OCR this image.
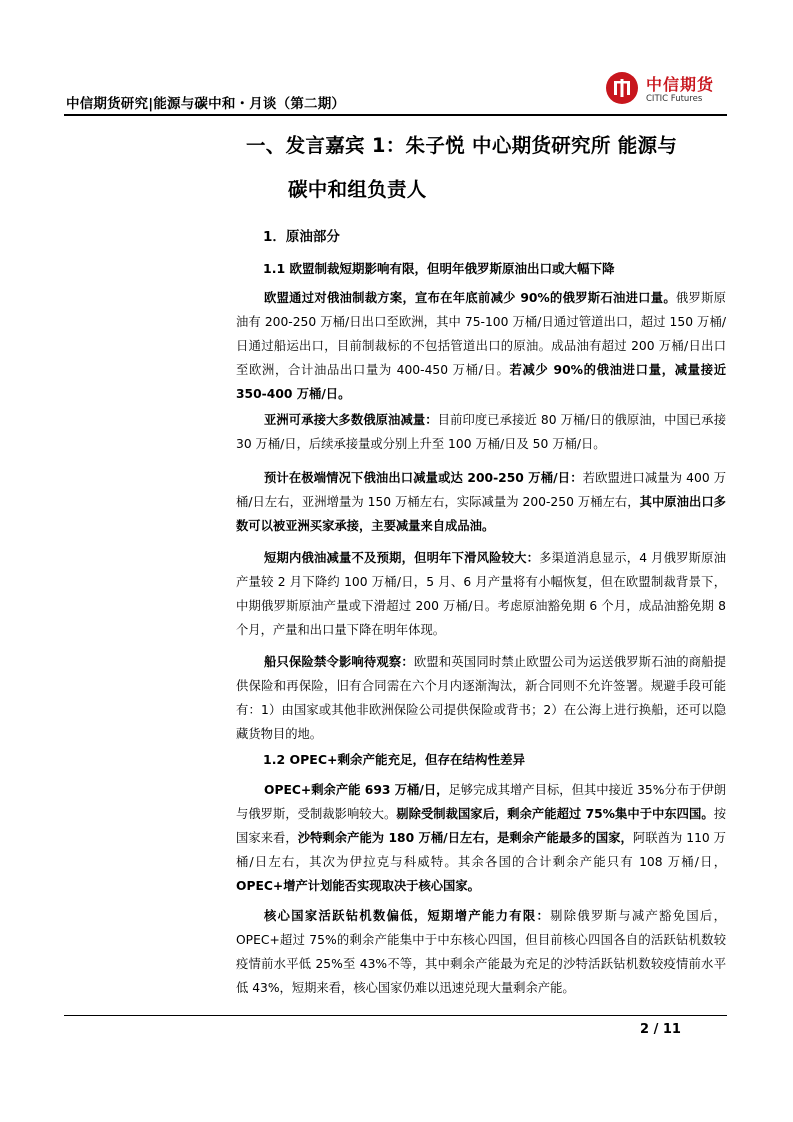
中信期货研究|能源与碳中和・月谈（第二期）
中信期货
CITIC Futures
一、发言嘉宾 1：朱子悦 中心期货研究所 能源与
碳中和组负责人
1．原油部分
1.1 欧盟制裁短期影响有限，但明年俄罗斯原油出口或大幅下降
欧盟通过对俄油制裁方案，宣布在年底前减少 90%的俄罗斯石油进口量。俄罗斯原油有 200-250 万桶/日出口至欧洲，其中 75-100 万桶/日通过管道出口，超过 150 万桶/日通过船运出口，目前制裁标的不包括管道出口的原油。成品油有超过 200 万桶/日出口至欧洲，合计油品出口量为 400-450 万桶/日。若减少 90%的俄油进口量，减量接近 350-400 万桶/日。
亚洲可承接大多数俄原油减量：目前印度已承接近 80 万桶/日的俄原油，中国已承接 30 万桶/日，后续承接量或分别上升至 100 万桶/日及 50 万桶/日。
预计在极端情况下俄油出口减量或达 200-250 万桶/日：若欧盟进口减量为 400 万桶/日左右，亚洲增量为 150 万桶左右，实际减量为 200-250 万桶左右，其中原油出口多数可以被亚洲买家承接，主要减量来自成品油。
短期内俄油减量不及预期，但明年下滑风险较大：多渠道消息显示，4 月俄罗斯原油产量较 2 月下降约 100 万桶/日，5 月、6 月产量将有小幅恢复，但在欧盟制裁背景下，中期俄罗斯原油产量或下滑超过 200 万桶/日。考虑原油豁免期 6 个月，成品油豁免期 8 个月，产量和出口量下降在明年体现。
船只保险禁令影响待观察：欧盟和英国同时禁止欧盟公司为运送俄罗斯石油的商船提供保险和再保险，旧有合同需在六个月内逐渐淘汰，新合同则不允许签署。规避手段可能有：1）由国家或其他非欧洲保险公司提供保险或背书；2）在公海上进行换船，还可以隐藏货物目的地。
1.2 OPEC+剩余产能充足，但存在结构性差异
OPEC+剩余产能 693 万桶/日，足够完成其增产目标，但其中接近 35%分布于伊朗与俄罗斯，受制裁影响较大。剔除受制裁国家后，剩余产能超过 75%集中于中东四国。按国家来看，沙特剩余产能为 180 万桶/日左右，是剩余产能最多的国家，阿联酋为 110 万桶/日左右，其次为伊拉克与科威特。其余各国的合计剩余产能只有 108 万桶/日，OPEC+增产计划能否实现取决于核心国家。
核心国家活跃钻机数偏低，短期增产能力有限：剔除俄罗斯与减产豁免国后，OPEC+超过 75%的剩余产能集中于中东核心四国，但目前核心四国各自的活跃钻机数较疫情前水平低 25%至 43%不等，其中剩余产能最为充足的沙特活跃钻机数较疫情前水平低 43%，短期来看，核心国家仍难以迅速兑现大量剩余产能。
2 / 11
